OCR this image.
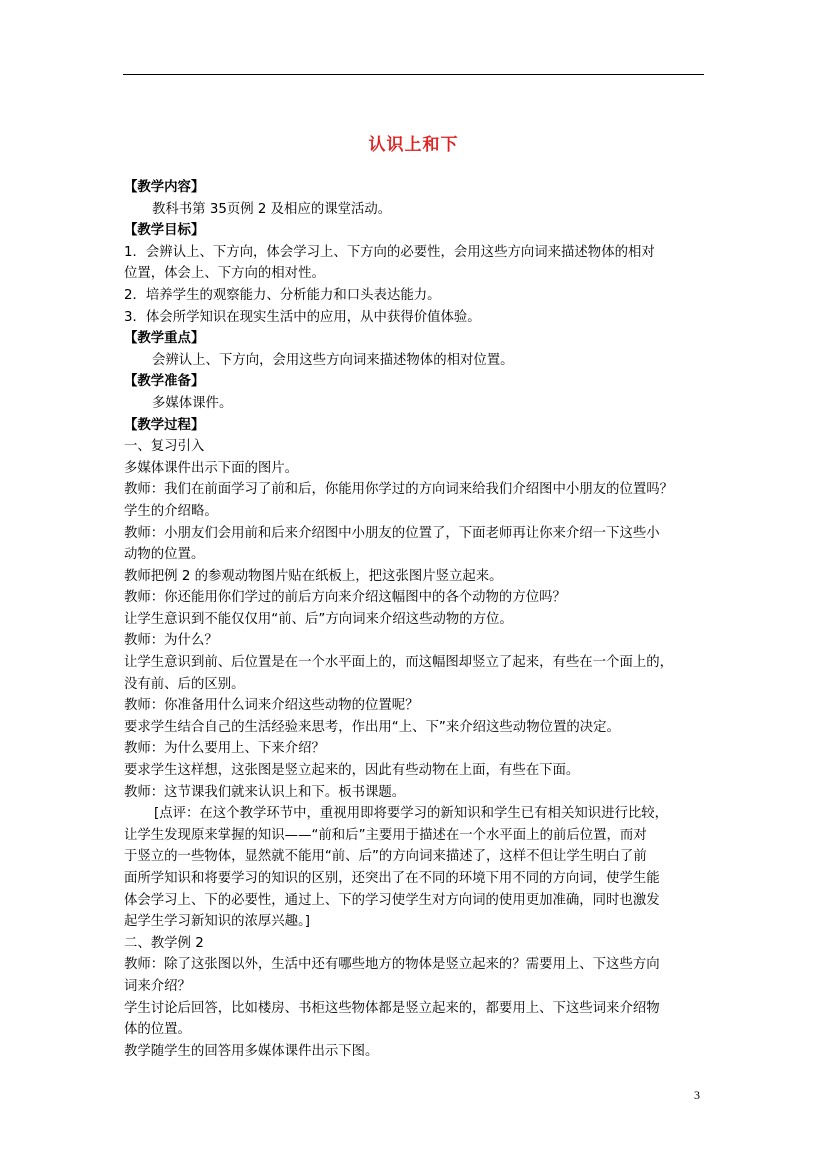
认识上和下
【教学内容】
教科书第 35页例 2 及相应的课堂活动。
【教学目标】
1．会辨认上、下方向，体会学习上、下方向的必要性，会用这些方向词来描述物体的相对
位置，体会上、下方向的相对性。
2．培养学生的观察能力、分析能力和口头表达能力。
3．体会所学知识在现实生活中的应用，从中获得价值体验。
【教学重点】
会辨认上、下方向，会用这些方向词来描述物体的相对位置。
【教学准备】
多媒体课件。
【教学过程】
一、复习引入
多媒体课件出示下面的图片。
教师：我们在前面学习了前和后，你能用你学过的方向词来给我们介绍图中小朋友的位置吗？
学生的介绍略。
教师：小朋友们会用前和后来介绍图中小朋友的位置了，下面老师再让你来介绍一下这些小
动物的位置。
教师把例 2 的参观动物图片贴在纸板上，把这张图片竖立起来。
教师：你还能用你们学过的前后方向来介绍这幅图中的各个动物的方位吗？
让学生意识到不能仅仅用“前、后”方向词来介绍这些动物的方位。
教师：为什么？
让学生意识到前、后位置是在一个水平面上的，而这幅图却竖立了起来，有些在一个面上的，
没有前、后的区别。
教师：你准备用什么词来介绍这些动物的位置呢？
要求学生结合自己的生活经验来思考，作出用“上、下”来介绍这些动物位置的决定。
教师：为什么要用上、下来介绍？
要求学生这样想，这张图是竖立起来的，因此有些动物在上面，有些在下面。
教师：这节课我们就来认识上和下。板书课题。
[点评：在这个教学环节中，重视用即将要学习的新知识和学生已有相关知识进行比较，
让学生发现原来掌握的知识——“前和后”主要用于描述在一个水平面上的前后位置，而对
于竖立的一些物体，显然就不能用“前、后”的方向词来描述了，这样不但让学生明白了前
面所学知识和将要学习的知识的区别，还突出了在不同的环境下用不同的方向词，使学生能
体会学习上、下的必要性，通过上、下的学习使学生对方向词的使用更加准确，同时也激发
起学生学习新知识的浓厚兴趣。]
二、教学例 2
教师：除了这张图以外，生活中还有哪些地方的物体是竖立起来的？需要用上、下这些方向
词来介绍？
学生讨论后回答，比如楼房、书柜这些物体都是竖立起来的，都要用上、下这些词来介绍物
体的位置。
教学随学生的回答用多媒体课件出示下图。
3
